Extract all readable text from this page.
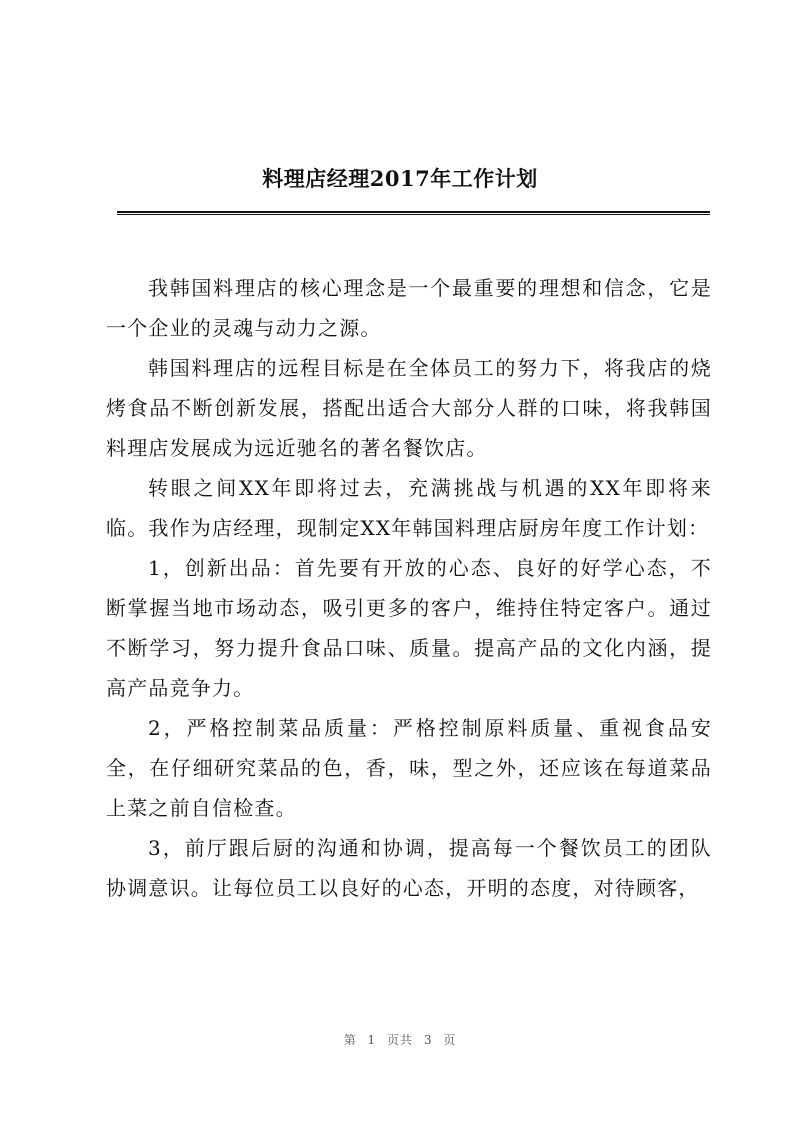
料理店经理2017年工作计划

我韩国料理店的核心理念是一个最重要的理想和信念，它是一个企业的灵魂与动力之源。

韩国料理店的远程目标是在全体员工的努力下，将我店的烧烤食品不断创新发展，搭配出适合大部分人群的口味，将我韩国料理店发展成为远近驰名的著名餐饮店。

转眼之间XX年即将过去，充满挑战与机遇的XX年即将来临。我作为店经理，现制定XX年韩国料理店厨房年度工作计划：

1，创新出品：首先要有开放的心态、良好的好学心态，不断掌握当地市场动态，吸引更多的客户，维持住特定客户。通过不断学习，努力提升食品口味、质量。提高产品的文化内涵，提高产品竞争力。

2，严格控制菜品质量：严格控制原料质量、重视食品安全，在仔细研究菜品的色，香，味，型之外，还应该在每道菜品上菜之前自信检查。

3，前厅跟后厨的沟通和协调，提高每一个餐饮员工的团队协调意识。让每位员工以良好的心态，开明的态度，对待顾客，

第 1 页共 3 页
